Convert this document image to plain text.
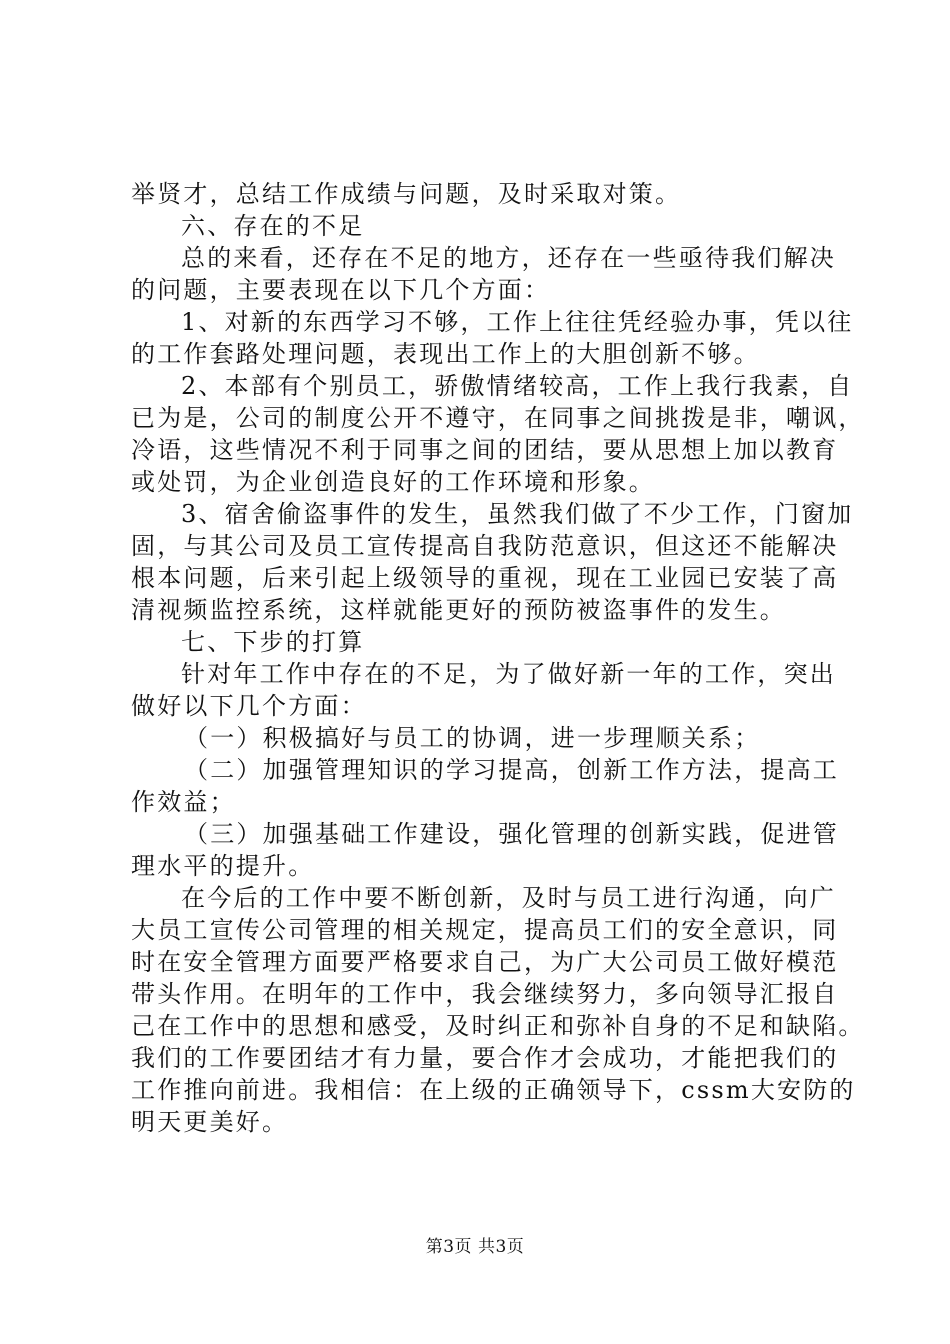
举贤才，总结工作成绩与问题，及时采取对策。
六、存在的不足
总的来看，还存在不足的地方，还存在一些亟待我们解决
的问题，主要表现在以下几个方面：
1、对新的东西学习不够，工作上往往凭经验办事，凭以往
的工作套路处理问题，表现出工作上的大胆创新不够。
2、本部有个别员工，骄傲情绪较高，工作上我行我素，自
已为是，公司的制度公开不遵守，在同事之间挑拨是非，嘲讽，
冷语，这些情况不利于同事之间的团结，要从思想上加以教育
或处罚，为企业创造良好的工作环境和形象。
3、宿舍偷盗事件的发生，虽然我们做了不少工作，门窗加
固，与其公司及员工宣传提高自我防范意识，但这还不能解决
根本问题，后来引起上级领导的重视，现在工业园已安装了高
清视频监控系统，这样就能更好的预防被盗事件的发生。
七、下步的打算
针对年工作中存在的不足，为了做好新一年的工作，突出
做好以下几个方面：
（一）积极搞好与员工的协调，进一步理顺关系；
（二）加强管理知识的学习提高，创新工作方法，提高工
作效益；
（三）加强基础工作建设，强化管理的创新实践，促进管
理水平的提升。
在今后的工作中要不断创新，及时与员工进行沟通，向广
大员工宣传公司管理的相关规定，提高员工们的安全意识，同
时在安全管理方面要严格要求自己，为广大公司员工做好模范
带头作用。在明年的工作中，我会继续努力，多向领导汇报自
己在工作中的思想和感受，及时纠正和弥补自身的不足和缺陷。
我们的工作要团结才有力量，要合作才会成功，才能把我们的
工作推向前进。我相信：在上级的正确领导下，cssm大安防的
明天更美好。
第3页 共3页
